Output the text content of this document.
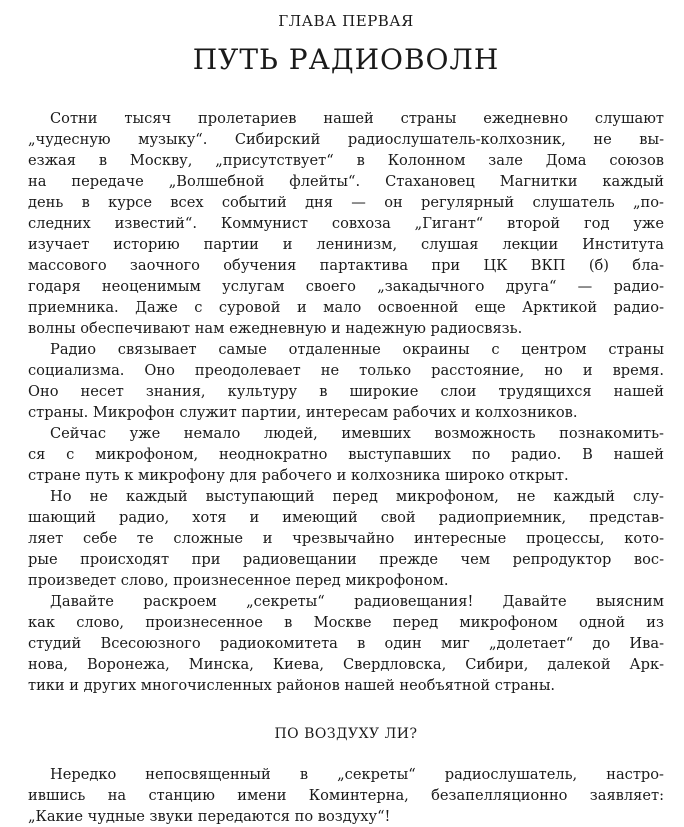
ГЛАВА ПЕРВАЯ
ПУТЬ РАДИОВОЛН
Сотни тысяч пролетариев нашей страны ежедневно слушают
„чудесную музыку“. Сибирский радиослушатель-колхозник, не вы-
езжая в Москву, „присутствует“ в Колонном зале Дома союзов
на передаче „Волшебной флейты“. Стахановец Магнитки каждый
день в курсе всех событий дня — он регулярный слушатель „по-
следних известий“. Коммунист совхоза „Гигант“ второй год уже
изучает историю партии и ленинизм, слушая лекции Института
массового заочного обучения партактива при ЦК ВКП (б) бла-
годаря неоценимым услугам своего „закадычного друга“ — радио-
приемника. Даже с суровой и мало освоенной еще Арктикой радио-
волны обеспечивают нам ежедневную и надежную радиосвязь.
Радио связывает самые отдаленные окраины с центром страны
социализма. Оно преодолевает не только расстояние, но и время.
Оно несет знания, культуру в широкие слои трудящихся нашей
страны. Микрофон служит партии, интересам рабочих и колхозников.
Сейчас уже немало людей, имевших возможность познакомить-
ся с микрофоном, неоднократно выступавших по радио. В нашей
стране путь к микрофону для рабочего и колхозника широко открыт.
Но не каждый выступающий перед микрофоном, не каждый слу-
шающий радио, хотя и имеющий свой радиоприемник, представ-
ляет себе те сложные и чрезвычайно интересные процессы, кото-
рые происходят при радиовещании прежде чем репродуктор вос-
произведет слово, произнесенное перед микрофоном.
Давайте раскроем „секреты“ радиовещания! Давайте выясним
как слово, произнесенное в Москве перед микрофоном одной из
студий Всесоюзного радиокомитета в один миг „долетает“ до Ива-
нова, Воронежа, Минска, Киева, Свердловска, Сибири, далекой Арк-
тики и других многочисленных районов нашей необъятной страны.
ПО ВОЗДУХУ ЛИ?
Нередко непосвященный в „секреты“ радиослушатель, настро-
ившись на станцию имени Коминтерна, безапелляционно заявляет:
„Какие чудные звуки передаются по воздуху“!
